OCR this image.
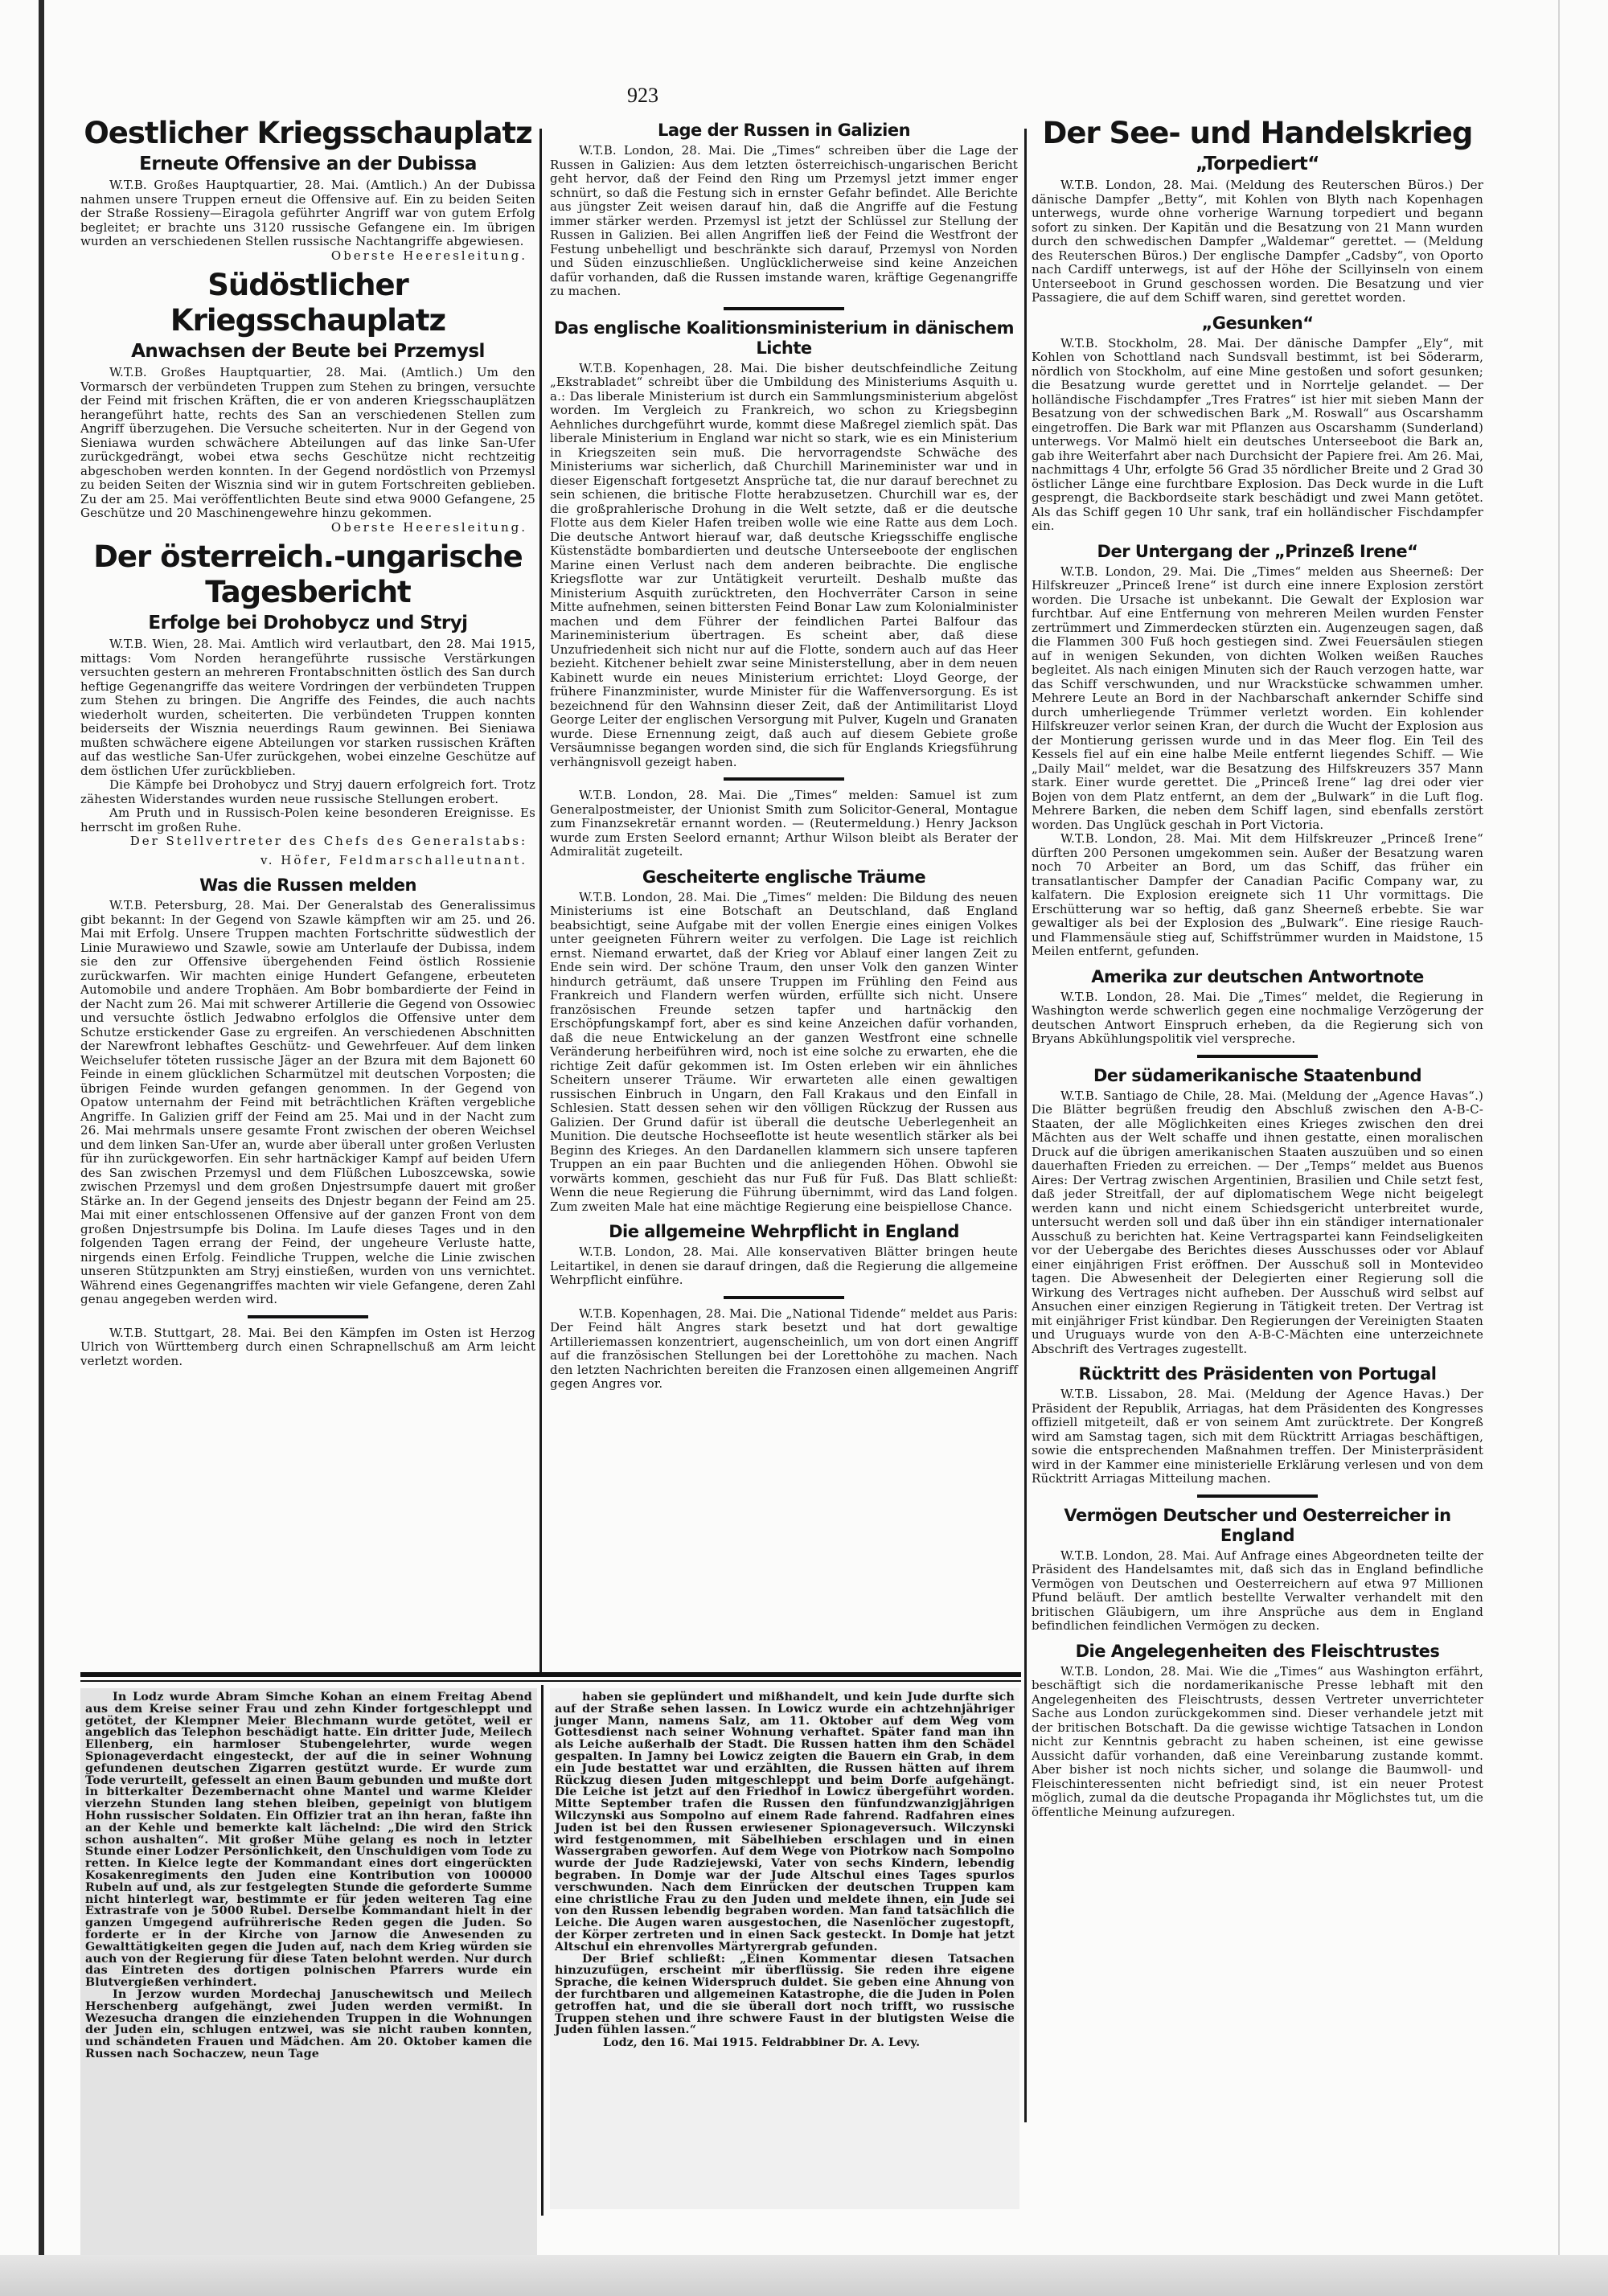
923
Oestlicher Kriegsschauplatz
Erneute Offensive an der Dubissa

W.T.B. Großes Hauptquartier, 28. Mai. (Amtlich.) An der Dubissa nahmen unsere Truppen erneut die Offensive auf. Ein zu beiden Seiten der Straße Rossieny—Eiragola geführter Angriff war von gutem Erfolg begleitet; er brachte uns 3120 russische Gefangene ein. Im übrigen wurden an verschiedenen Stellen russische Nachtangriffe abgewiesen.

Oberste Heeresleitung.

Südöstlicher Kriegsschauplatz
Anwachsen der Beute bei Przemysl

W.T.B. Großes Hauptquartier, 28. Mai. (Amtlich.) Um den Vormarsch der verbündeten Truppen zum Stehen zu bringen, versuchte der Feind mit frischen Kräften, die er von anderen Kriegsschauplätzen herangeführt hatte, rechts des San an verschiedenen Stellen zum Angriff überzugehen. Die Versuche scheiterten. Nur in der Gegend von Sieniawa wurden schwächere Abteilungen auf das linke San-Ufer zurückgedrängt, wobei etwa sechs Geschütze nicht rechtzeitig abgeschoben werden konnten. In der Gegend nordöstlich von Przemysl zu beiden Seiten der Wisznia sind wir in gutem Fortschreiten geblieben. Zu der am 25. Mai veröffentlichten Beute sind etwa 9000 Gefangene, 25 Geschütze und 20 Maschinengewehre hinzu gekommen.

Oberste Heeresleitung.

Der österreich.-ungarische Tagesbericht
Erfolge bei Drohobycz und Stryj

W.T.B. Wien, 28. Mai. Amtlich wird verlautbart, den 28. Mai 1915, mittags: Vom Norden herangeführte russische Verstärkungen versuchten gestern an mehreren Frontabschnitten östlich des San durch heftige Gegenangriffe das weitere Vordringen der verbündeten Truppen zum Stehen zu bringen. Die Angriffe des Feindes, die auch nachts wiederholt wurden, scheiterten. Die verbündeten Truppen konnten beiderseits der Wisznia neuerdings Raum gewinnen. Bei Sieniawa mußten schwächere eigene Abteilungen vor starken russischen Kräften auf das westliche San-Ufer zurückgehen, wobei einzelne Geschütze auf dem östlichen Ufer zurückblieben.

Die Kämpfe bei Drohobycz und Stryj dauern erfolgreich fort. Trotz zähesten Widerstandes wurden neue russische Stellungen erobert.

Am Pruth und in Russisch-Polen keine besonderen Ereignisse. Es herrscht im großen Ruhe.

Der Stellvertreter des Chefs des Generalstabs:

v. Höfer, Feldmarschalleutnant.

Was die Russen melden

W.T.B. Petersburg, 28. Mai. Der Generalstab des Generalissimus gibt bekannt: In der Gegend von Szawle kämpften wir am 25. und 26. Mai mit Erfolg. Unsere Truppen machten Fortschritte südwestlich der Linie Murawiewo und Szawle, sowie am Unterlaufe der Dubissa, indem sie den zur Offensive übergehenden Feind östlich Rossienie zurückwarfen. Wir machten einige Hundert Gefangene, erbeuteten Automobile und andere Trophäen. Am Bobr bombardierte der Feind in der Nacht zum 26. Mai mit schwerer Artillerie die Gegend von Ossowiec und versuchte östlich Jedwabno erfolglos die Offensive unter dem Schutze erstickender Gase zu ergreifen. An verschiedenen Abschnitten der Narewfront lebhaftes Geschütz- und Gewehrfeuer. Auf dem linken Weichselufer töteten russische Jäger an der Bzura mit dem Bajonett 60 Feinde in einem glücklichen Scharmützel mit deutschen Vorposten; die übrigen Feinde wurden gefangen genommen. In der Gegend von Opatow unternahm der Feind mit beträchtlichen Kräften vergebliche Angriffe. In Galizien griff der Feind am 25. Mai und in der Nacht zum 26. Mai mehrmals unsere gesamte Front zwischen der oberen Weichsel und dem linken San-Ufer an, wurde aber überall unter großen Verlusten für ihn zurückgeworfen. Ein sehr hartnäckiger Kampf auf beiden Ufern des San zwischen Przemysl und dem Flüßchen Luboszcewska, sowie zwischen Przemysl und dem großen Dnjestrsumpfe dauert mit großer Stärke an. In der Gegend jenseits des Dnjestr begann der Feind am 25. Mai mit einer entschlossenen Offensive auf der ganzen Front von dem großen Dnjestrsumpfe bis Dolina. Im Laufe dieses Tages und in den folgenden Tagen errang der Feind, der ungeheure Verluste hatte, nirgends einen Erfolg. Feindliche Truppen, welche die Linie zwischen unseren Stützpunkten am Stryj einstießen, wurden von uns vernichtet. Während eines Gegenangriffes machten wir viele Gefangene, deren Zahl genau angegeben werden wird.

W.T.B. Stuttgart, 28. Mai. Bei den Kämpfen im Osten ist Herzog Ulrich von Württemberg durch einen Schrapnellschuß am Arm leicht verletzt worden.

Lage der Russen in Galizien

W.T.B. London, 28. Mai. Die „Times“ schreiben über die Lage der Russen in Galizien: Aus dem letzten österreichisch-ungarischen Bericht geht hervor, daß der Feind den Ring um Przemysl jetzt immer enger schnürt, so daß die Festung sich in ernster Gefahr befindet. Alle Berichte aus jüngster Zeit weisen darauf hin, daß die Angriffe auf die Festung immer stärker werden. Przemysl ist jetzt der Schlüssel zur Stellung der Russen in Galizien. Bei allen Angriffen ließ der Feind die Westfront der Festung unbehelligt und beschränkte sich darauf, Przemysl von Norden und Süden einzuschließen. Unglücklicherweise sind keine Anzeichen dafür vorhanden, daß die Russen imstande waren, kräftige Gegenangriffe zu machen.

Das englische Koalitionsministerium in dänischem Lichte

W.T.B. Kopenhagen, 28. Mai. Die bisher deutschfeindliche Zeitung „Ekstrabladet“ schreibt über die Umbildung des Ministeriums Asquith u. a.: Das liberale Ministerium ist durch ein Sammlungsministerium abgelöst worden. Im Vergleich zu Frankreich, wo schon zu Kriegsbeginn Aehnliches durchgeführt wurde, kommt diese Maßregel ziemlich spät. Das liberale Ministerium in England war nicht so stark, wie es ein Ministerium in Kriegszeiten sein muß. Die hervorragendste Schwäche des Ministeriums war sicherlich, daß Churchill Marineminister war und in dieser Eigenschaft fortgesetzt Ansprüche tat, die nur darauf berechnet zu sein schienen, die britische Flotte herabzusetzen. Churchill war es, der die großprahlerische Drohung in die Welt setzte, daß er die deutsche Flotte aus dem Kieler Hafen treiben wolle wie eine Ratte aus dem Loch. Die deutsche Antwort hierauf war, daß deutsche Kriegsschiffe englische Küstenstädte bombardierten und deutsche Unterseeboote der englischen Marine einen Verlust nach dem anderen beibrachte. Die englische Kriegsflotte war zur Untätigkeit verurteilt. Deshalb mußte das Ministerium Asquith zurücktreten, den Hochverräter Carson in seine Mitte aufnehmen, seinen bittersten Feind Bonar Law zum Kolonialminister machen und dem Führer der feindlichen Partei Balfour das Marineministerium übertragen. Es scheint aber, daß diese Unzufriedenheit sich nicht nur auf die Flotte, sondern auch auf das Heer bezieht. Kitchener behielt zwar seine Ministerstellung, aber in dem neuen Kabinett wurde ein neues Ministerium errichtet: Lloyd George, der frühere Finanzminister, wurde Minister für die Waffenversorgung. Es ist bezeichnend für den Wahnsinn dieser Zeit, daß der Antimilitarist Lloyd George Leiter der englischen Versorgung mit Pulver, Kugeln und Granaten wurde. Diese Ernennung zeigt, daß auch auf diesem Gebiete große Versäumnisse begangen worden sind, die sich für Englands Kriegsführung verhängnisvoll gezeigt haben.

W.T.B. London, 28. Mai. Die „Times“ melden: Samuel ist zum Generalpostmeister, der Unionist Smith zum Solicitor-General, Montague zum Finanzsekretär ernannt worden. — (Reutermeldung.) Henry Jackson wurde zum Ersten Seelord ernannt; Arthur Wilson bleibt als Berater der Admiralität zugeteilt.

Gescheiterte englische Träume

W.T.B. London, 28. Mai. Die „Times“ melden: Die Bildung des neuen Ministeriums ist eine Botschaft an Deutschland, daß England beabsichtigt, seine Aufgabe mit der vollen Energie eines einigen Volkes unter geeigneten Führern weiter zu verfolgen. Die Lage ist reichlich ernst. Niemand erwartet, daß der Krieg vor Ablauf einer langen Zeit zu Ende sein wird. Der schöne Traum, den unser Volk den ganzen Winter hindurch geträumt, daß unsere Truppen im Frühling den Feind aus Frankreich und Flandern werfen würden, erfüllte sich nicht. Unsere französischen Freunde setzen tapfer und hartnäckig den Erschöpfungskampf fort, aber es sind keine Anzeichen dafür vorhanden, daß die neue Entwickelung an der ganzen Westfront eine schnelle Veränderung herbeiführen wird, noch ist eine solche zu erwarten, ehe die richtige Zeit dafür gekommen ist. Im Osten erleben wir ein ähnliches Scheitern unserer Träume. Wir erwarteten alle einen gewaltigen russischen Einbruch in Ungarn, den Fall Krakaus und den Einfall in Schlesien. Statt dessen sehen wir den völligen Rückzug der Russen aus Galizien. Der Grund dafür ist überall die deutsche Ueberlegenheit an Munition. Die deutsche Hochseeflotte ist heute wesentlich stärker als bei Beginn des Krieges. An den Dardanellen klammern sich unsere tapferen Truppen an ein paar Buchten und die anliegenden Höhen. Obwohl sie vorwärts kommen, geschieht das nur Fuß für Fuß. Das Blatt schließt: Wenn die neue Regierung die Führung übernimmt, wird das Land folgen. Zum zweiten Male hat eine mächtige Regierung eine beispiellose Chance.

Die allgemeine Wehrpflicht in England

W.T.B. London, 28. Mai. Alle konservativen Blätter bringen heute Leitartikel, in denen sie darauf dringen, daß die Regierung die allgemeine Wehrpflicht einführe.

W.T.B. Kopenhagen, 28. Mai. Die „National Tidende“ meldet aus Paris: Der Feind hält Angres stark besetzt und hat dort gewaltige Artilleriemassen konzentriert, augenscheinlich, um von dort einen Angriff auf die französischen Stellungen bei der Lorettohöhe zu machen. Nach den letzten Nachrichten bereiten die Franzosen einen allgemeinen Angriff gegen Angres vor.

Der See- und Handelskrieg
„Torpediert“

W.T.B. London, 28. Mai. (Meldung des Reuterschen Büros.) Der dänische Dampfer „Betty“, mit Kohlen von Blyth nach Kopenhagen unterwegs, wurde ohne vorherige Warnung torpediert und begann sofort zu sinken. Der Kapitän und die Besatzung von 21 Mann wurden durch den schwedischen Dampfer „Waldemar“ gerettet. — (Meldung des Reuterschen Büros.) Der englische Dampfer „Cadsby“, von Oporto nach Cardiff unterwegs, ist auf der Höhe der Scillyinseln von einem Unterseeboot in Grund geschossen worden. Die Besatzung und vier Passagiere, die auf dem Schiff waren, sind gerettet worden.

„Gesunken“

W.T.B. Stockholm, 28. Mai. Der dänische Dampfer „Ely“, mit Kohlen von Schottland nach Sundsvall bestimmt, ist bei Söderarm, nördlich von Stockholm, auf eine Mine gestoßen und sofort gesunken; die Besatzung wurde gerettet und in Norrtelje gelandet. — Der holländische Fischdampfer „Tres Fratres“ ist hier mit sieben Mann der Besatzung von der schwedischen Bark „M. Roswall“ aus Oscarshamm eingetroffen. Die Bark war mit Pflanzen aus Oscarshamm (Sunderland) unterwegs. Vor Malmö hielt ein deutsches Unterseeboot die Bark an, gab ihre Weiterfahrt aber nach Durchsicht der Papiere frei. Am 26. Mai, nachmittags 4 Uhr, erfolgte 56 Grad 35 nördlicher Breite und 2 Grad 30 östlicher Länge eine furchtbare Explosion. Das Deck wurde in die Luft gesprengt, die Backbordseite stark beschädigt und zwei Mann getötet. Als das Schiff gegen 10 Uhr sank, traf ein holländischer Fischdampfer ein.

Der Untergang der „Prinzeß Irene“

W.T.B. London, 29. Mai. Die „Times“ melden aus Sheerneß: Der Hilfskreuzer „Princeß Irene“ ist durch eine innere Explosion zerstört worden. Die Ursache ist unbekannt. Die Gewalt der Explosion war furchtbar. Auf eine Entfernung von mehreren Meilen wurden Fenster zertrümmert und Zimmerdecken stürzten ein. Augenzeugen sagen, daß die Flammen 300 Fuß hoch gestiegen sind. Zwei Feuersäulen stiegen auf in wenigen Sekunden, von dichten Wolken weißen Rauches begleitet. Als nach einigen Minuten sich der Rauch verzogen hatte, war das Schiff verschwunden, und nur Wrackstücke schwammen umher. Mehrere Leute an Bord in der Nachbarschaft ankernder Schiffe sind durch umherliegende Trümmer verletzt worden. Ein kohlender Hilfskreuzer verlor seinen Kran, der durch die Wucht der Explosion aus der Montierung gerissen wurde und in das Meer flog. Ein Teil des Kessels fiel auf ein eine halbe Meile entfernt liegendes Schiff. — Wie „Daily Mail“ meldet, war die Besatzung des Hilfskreuzers 357 Mann stark. Einer wurde gerettet. Die „Princeß Irene“ lag drei oder vier Bojen von dem Platz entfernt, an dem der „Bulwark“ in die Luft flog. Mehrere Barken, die neben dem Schiff lagen, sind ebenfalls zerstört worden. Das Unglück geschah in Port Victoria.

W.T.B. London, 28. Mai. Mit dem Hilfskreuzer „Princeß Irene“ dürften 200 Personen umgekommen sein. Außer der Besatzung waren noch 70 Arbeiter an Bord, um das Schiff, das früher ein transatlantischer Dampfer der Canadian Pacific Company war, zu kalfatern. Die Explosion ereignete sich 11 Uhr vormittags. Die Erschütterung war so heftig, daß ganz Sheerneß erbebte. Sie war gewaltiger als bei der Explosion des „Bulwark“. Eine riesige Rauch- und Flammensäule stieg auf, Schiffstrümmer wurden in Maidstone, 15 Meilen entfernt, gefunden.

Amerika zur deutschen Antwortnote

W.T.B. London, 28. Mai. Die „Times“ meldet, die Regierung in Washington werde schwerlich gegen eine nochmalige Verzögerung der deutschen Antwort Einspruch erheben, da die Regierung sich von Bryans Abkühlungspolitik viel verspreche.

Der südamerikanische Staatenbund

W.T.B. Santiago de Chile, 28. Mai. (Meldung der „Agence Havas“.) Die Blätter begrüßen freudig den Abschluß zwischen den A-B-C-Staaten, der alle Möglichkeiten eines Krieges zwischen den drei Mächten aus der Welt schaffe und ihnen gestatte, einen moralischen Druck auf die übrigen amerikanischen Staaten auszuüben und so einen dauerhaften Frieden zu erreichen. — Der „Temps“ meldet aus Buenos Aires: Der Vertrag zwischen Argentinien, Brasilien und Chile setzt fest, daß jeder Streitfall, der auf diplomatischem Wege nicht beigelegt werden kann und nicht einem Schiedsgericht unterbreitet wurde, untersucht werden soll und daß über ihn ein ständiger internationaler Ausschuß zu berichten hat. Keine Vertragspartei kann Feindseligkeiten vor der Uebergabe des Berichtes dieses Ausschusses oder vor Ablauf einer einjährigen Frist eröffnen. Der Ausschuß soll in Montevideo tagen. Die Abwesenheit der Delegierten einer Regierung soll die Wirkung des Vertrages nicht aufheben. Der Ausschuß wird selbst auf Ansuchen einer einzigen Regierung in Tätigkeit treten. Der Vertrag ist mit einjähriger Frist kündbar. Den Regierungen der Vereinigten Staaten und Uruguays wurde von den A-B-C-Mächten eine unterzeichnete Abschrift des Vertrages zugestellt.

Rücktritt des Präsidenten von Portugal

W.T.B. Lissabon, 28. Mai. (Meldung der Agence Havas.) Der Präsident der Republik, Arriagas, hat dem Präsidenten des Kongresses offiziell mitgeteilt, daß er von seinem Amt zurücktrete. Der Kongreß wird am Samstag tagen, sich mit dem Rücktritt Arriagas beschäftigen, sowie die entsprechenden Maßnahmen treffen. Der Ministerpräsident wird in der Kammer eine ministerielle Erklärung verlesen und von dem Rücktritt Arriagas Mitteilung machen.

Vermögen Deutscher und Oesterreicher in England

W.T.B. London, 28. Mai. Auf Anfrage eines Abgeordneten teilte der Präsident des Handelsamtes mit, daß sich das in England befindliche Vermögen von Deutschen und Oesterreichern auf etwa 97 Millionen Pfund beläuft. Der amtlich bestellte Verwalter verhandelt mit den britischen Gläubigern, um ihre Ansprüche aus dem in England befindlichen feindlichen Vermögen zu decken.

Die Angelegenheiten des Fleischtrustes

W.T.B. London, 28. Mai. Wie die „Times“ aus Washington erfährt, beschäftigt sich die nordamerikanische Presse lebhaft mit den Angelegenheiten des Fleischtrusts, dessen Vertreter unverrichteter Sache aus London zurückgekommen sind. Dieser verhandele jetzt mit der britischen Botschaft. Da die gewisse wichtige Tatsachen in London nicht zur Kenntnis gebracht zu haben scheinen, ist eine gewisse Aussicht dafür vorhanden, daß eine Vereinbarung zustande kommt. Aber bisher ist noch nichts sicher, und solange die Baumwoll- und Fleischinteressenten nicht befriedigt sind, ist ein neuer Protest möglich, zumal da die deutsche Propaganda ihr Möglichstes tut, um die öffentliche Meinung aufzuregen.

In Lodz wurde Abram Simche Kohan an einem Freitag Abend aus dem Kreise seiner Frau und zehn Kinder fortgeschleppt und getötet, der Klempner Meier Blechmann wurde getötet, weil er angeblich das Telephon beschädigt hatte. Ein dritter Jude, Meilech Ellenberg, ein harmloser Stubengelehrter, wurde wegen Spionageverdacht eingesteckt, der auf die in seiner Wohnung gefundenen deutschen Zigarren gestützt wurde. Er wurde zum Tode verurteilt, gefesselt an einen Baum gebunden und mußte dort in bitterkalter Dezembernacht ohne Mantel und warme Kleider vierzehn Stunden lang stehen bleiben, gepeinigt von blutigem Hohn russischer Soldaten. Ein Offizier trat an ihn heran, faßte ihn an der Kehle und bemerkte kalt lächelnd: „Die wird den Strick schon aushalten“. Mit großer Mühe gelang es noch in letzter Stunde einer Lodzer Persönlichkeit, den Unschuldigen vom Tode zu retten. In Kielce legte der Kommandant eines dort eingerückten Kosakenregiments den Juden eine Kontribution von 100000 Rubeln auf und, als zur festgelegten Stunde die geforderte Summe nicht hinterlegt war, bestimmte er für jeden weiteren Tag eine Extrastrafe von je 5000 Rubel. Derselbe Kommandant hielt in der ganzen Umgegend aufrührerische Reden gegen die Juden. So forderte er in der Kirche von Jarnow die Anwesenden zu Gewalttätigkeiten gegen die Juden auf, nach dem Krieg würden sie auch von der Regierung für diese Taten belohnt werden. Nur durch das Eintreten des dortigen polnischen Pfarrers wurde ein Blutvergießen verhindert.

In Jerzow wurden Mordechaj Januschewitsch und Meilech Herschenberg aufgehängt, zwei Juden werden vermißt. In Wezesucha drangen die einziehenden Truppen in die Wohnungen der Juden ein, schlugen entzwei, was sie nicht rauben konnten, und schändeten Frauen und Mädchen. Am 20. Oktober kamen die Russen nach Sochaczew, neun Tage

haben sie geplündert und mißhandelt, und kein Jude durfte sich auf der Straße sehen lassen. In Lowicz wurde ein achtzehnjähriger junger Mann, namens Salz, am 11. Oktober auf dem Weg vom Gottesdienst nach seiner Wohnung verhaftet. Später fand man ihn als Leiche außerhalb der Stadt. Die Russen hatten ihm den Schädel gespalten. In Jamny bei Lowicz zeigten die Bauern ein Grab, in dem ein Jude bestattet war und erzählten, die Russen hätten auf ihrem Rückzug diesen Juden mitgeschleppt und beim Dorfe aufgehängt. Die Leiche ist jetzt auf den Friedhof in Lowicz übergeführt worden. Mitte September trafen die Russen den fünfundzwanzigjährigen Wilczynski aus Sompolno auf einem Rade fahrend. Radfahren eines Juden ist bei den Russen erwiesener Spionageversuch. Wilczynski wird festgenommen, mit Säbelhieben erschlagen und in einen Wassergraben geworfen. Auf dem Wege von Piotrkow nach Sompolno wurde der Jude Radziejewski, Vater von sechs Kindern, lebendig begraben. In Domje war der Jude Altschul eines Tages spurlos verschwunden. Nach dem Einrücken der deutschen Truppen kam eine christliche Frau zu den Juden und meldete ihnen, ein Jude sei von den Russen lebendig begraben worden. Man fand tatsächlich die Leiche. Die Augen waren ausgestochen, die Nasenlöcher zugestopft, der Körper zertreten und in einen Sack gesteckt. In Domje hat jetzt Altschul ein ehrenvolles Märtyrergrab gefunden.

Der Brief schließt: „Einen Kommentar diesen Tatsachen hinzuzufügen, erscheint mir überflüssig. Sie reden ihre eigene Sprache, die keinen Widerspruch duldet. Sie geben eine Ahnung von der furchtbaren und allgemeinen Katastrophe, die die Juden in Polen getroffen hat, und die sie überall dort noch trifft, wo russische Truppen stehen und ihre schwere Faust in der blutigsten Weise die Juden fühlen lassen.“

Lodz, den 16. Mai 1915. Feldrabbiner Dr. A. Levy.
